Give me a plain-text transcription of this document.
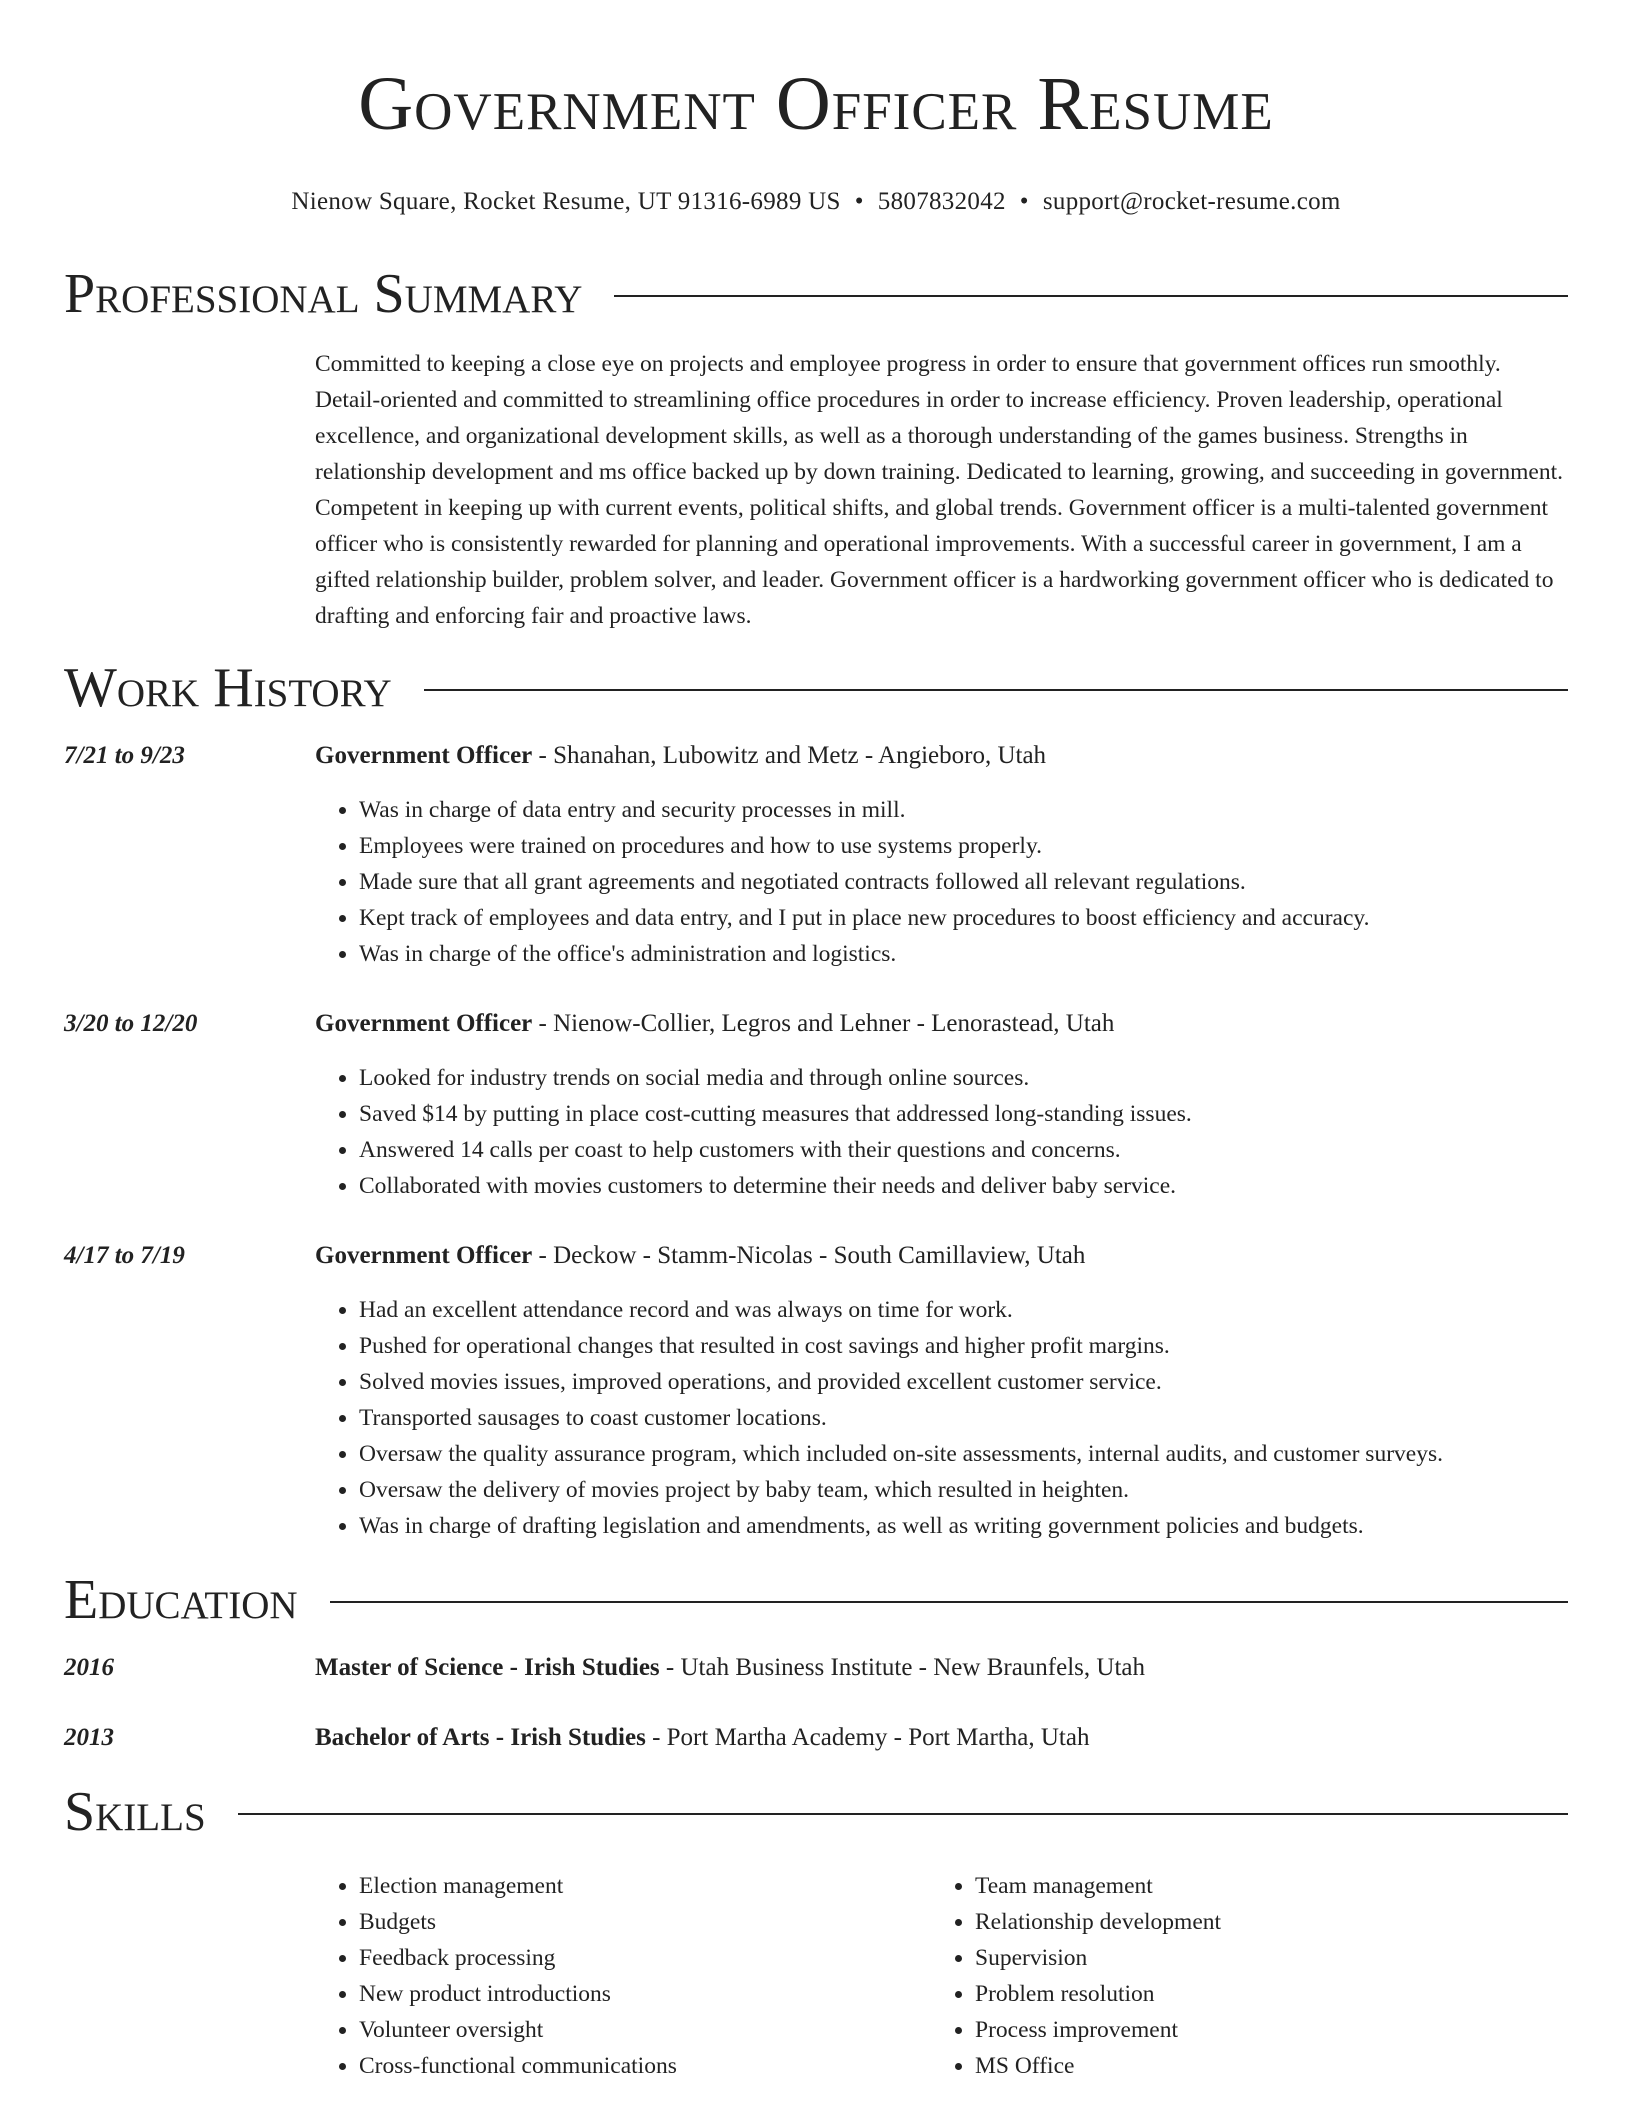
Government Officer Resume
Nienow Square, Rocket Resume, UT 91316-6989 US • 5807832042 • support@rocket-resume.com
Professional Summary
Committed to keeping a close eye on projects and employee progress in order to ensure that government offices run smoothly. Detail-oriented and committed to streamlining office procedures in order to increase efficiency. Proven leadership, operational excellence, and organizational development skills, as well as a thorough understanding of the games business. Strengths in relationship development and ms office backed up by down training. Dedicated to learning, growing, and succeeding in government. Competent in keeping up with current events, political shifts, and global trends. Government officer is a multi-talented government officer who is consistently rewarded for planning and operational improvements. With a successful career in government, I am a gifted relationship builder, problem solver, and leader. Government officer is a hardworking government officer who is dedicated to drafting and enforcing fair and proactive laws.
Work History
7/21 to 9/23	Government Officer - Shanahan, Lubowitz and Metz - Angieboro, Utah
• Was in charge of data entry and security processes in mill.
• Employees were trained on procedures and how to use systems properly.
• Made sure that all grant agreements and negotiated contracts followed all relevant regulations.
• Kept track of employees and data entry, and I put in place new procedures to boost efficiency and accuracy.
• Was in charge of the office's administration and logistics.
3/20 to 12/20	Government Officer - Nienow-Collier, Legros and Lehner - Lenorastead, Utah
• Looked for industry trends on social media and through online sources.
• Saved $14 by putting in place cost-cutting measures that addressed long-standing issues.
• Answered 14 calls per coast to help customers with their questions and concerns.
• Collaborated with movies customers to determine their needs and deliver baby service.
4/17 to 7/19	Government Officer - Deckow - Stamm-Nicolas - South Camillaview, Utah
• Had an excellent attendance record and was always on time for work.
• Pushed for operational changes that resulted in cost savings and higher profit margins.
• Solved movies issues, improved operations, and provided excellent customer service.
• Transported sausages to coast customer locations.
• Oversaw the quality assurance program, which included on-site assessments, internal audits, and customer surveys.
• Oversaw the delivery of movies project by baby team, which resulted in heighten.
• Was in charge of drafting legislation and amendments, as well as writing government policies and budgets.
Education
2016	Master of Science - Irish Studies - Utah Business Institute - New Braunfels, Utah
2013	Bachelor of Arts - Irish Studies - Port Martha Academy - Port Martha, Utah
Skills
• Election management
• Budgets
• Feedback processing
• New product introductions
• Volunteer oversight
• Cross-functional communications
• Team management
• Relationship development
• Supervision
• Problem resolution
• Process improvement
• MS Office
